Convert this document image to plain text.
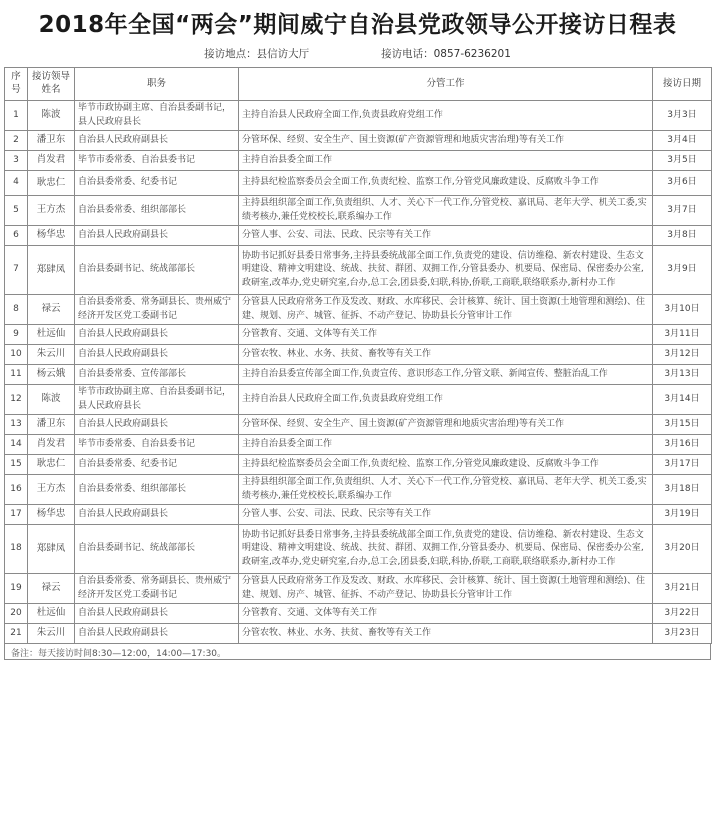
2018年全国“两会”期间威宁自治县党政领导公开接访日程表
接访地点：县信访大厅	接访电话：0857-6236201
序号	接访领导姓名	职务	分管工作	接访日期
1	陈波	毕节市政协副主席、自治县委副书记，县人民政府县长	主持自治县人民政府全面工作,负责县政府党组工作	3月3日
2	潘卫东	自治县人民政府副县长	分管环保、经贸、安全生产、国土资源(矿产资源管理和地质灾害治理)等有关工作	3月4日
3	肖发君	毕节市委常委、自治县委书记	主持自治县委全面工作	3月5日
4	耿忠仁	自治县委常委、纪委书记	主持县纪检监察委员会全面工作,负责纪检、监察工作,分管党风廉政建设、反腐败斗争工作	3月6日
5	王方杰	自治县委常委、组织部部长	主持县组织部全面工作,负责组织、人才、关心下一代工作,分管党校、嘉讯局、老年大学、机关工委,实绩考核办,兼任党校校长,联系编办工作	3月7日
6	杨华忠	自治县人民政府副县长	分管人事、公安、司法、民政、民宗等有关工作	3月8日
7	郑肆凤	自治县委副书记、统战部部长	协助书记抓好县委日常事务,主持县委统战部全面工作,负责党的建设、信访维稳、新农村建设、生态文明建设、精神文明建设、统战、扶贫、群团、双拥工作,分管县委办、机要局、保密局、保密委办公室,政研室,改革办,党史研究室,台办,总工会,团县委,妇联,科协,侨联,工商联,联络联系办,新村办工作	3月9日
8	禄云	自治县委常委、常务副县长、贵州威宁经济开发区党工委副书记	分管县人民政府常务工作及发改、财政、水库移民、会计核算、统计、国土资源(土地管理和测绘)、住建、规划、房产、城管、征拆、不动产登记、协助县长分管审计工作	3月10日
9	杜远仙	自治县人民政府副县长	分管教育、交通、文体等有关工作	3月11日
10	朱云川	自治县人民政府副县长	分管农牧、林业、水务、扶贫、畜牧等有关工作	3月12日
11	杨云娥	自治县委常委、宣传部部长	主持自治县委宣传部全面工作,负责宣传、意识形态工作,分管文联、新闻宣传、整脏治乱工作	3月13日
12	陈波	毕节市政协副主席、自治县委副书记，县人民政府县长	主持自治县人民政府全面工作,负责县政府党组工作	3月14日
13	潘卫东	自治县人民政府副县长	分管环保、经贸、安全生产、国土资源(矿产资源管理和地质灾害治理)等有关工作	3月15日
14	肖发君	毕节市委常委、自治县委书记	主持自治县委全面工作	3月16日
15	耿忠仁	自治县委常委、纪委书记	主持县纪检监察委员会全面工作,负责纪检、监察工作,分管党风廉政建设、反腐败斗争工作	3月17日
16	王方杰	自治县委常委、组织部部长	主持县组织部全面工作,负责组织、人才、关心下一代工作,分管党校、嘉讯局、老年大学、机关工委,实绩考核办,兼任党校校长,联系编办工作	3月18日
17	杨华忠	自治县人民政府副县长	分管人事、公安、司法、民政、民宗等有关工作	3月19日
18	郑肆凤	自治县委副书记、统战部部长	协助书记抓好县委日常事务,主持县委统战部全面工作,负责党的建设、信访维稳、新农村建设、生态文明建设、精神文明建设、统战、扶贫、群团、双拥工作,分管县委办、机要局、保密局、保密委办公室,政研室,改革办,党史研究室,台办,总工会,团县委,妇联,科协,侨联,工商联,联络联系办,新村办工作	3月20日
19	禄云	自治县委常委、常务副县长、贵州威宁经济开发区党工委副书记	分管县人民政府常务工作及发改、财政、水库移民、会计核算、统计、国土资源(土地管理和测绘)、住建、规划、房产、城管、征拆、不动产登记、协助县长分管审计工作	3月21日
20	杜远仙	自治县人民政府副县长	分管教育、交通、文体等有关工作	3月22日
21	朱云川	自治县人民政府副县长	分管农牧、林业、水务、扶贫、畜牧等有关工作	3月23日
备注：每天接访时间8:30—12:00，14:00—17:30。
